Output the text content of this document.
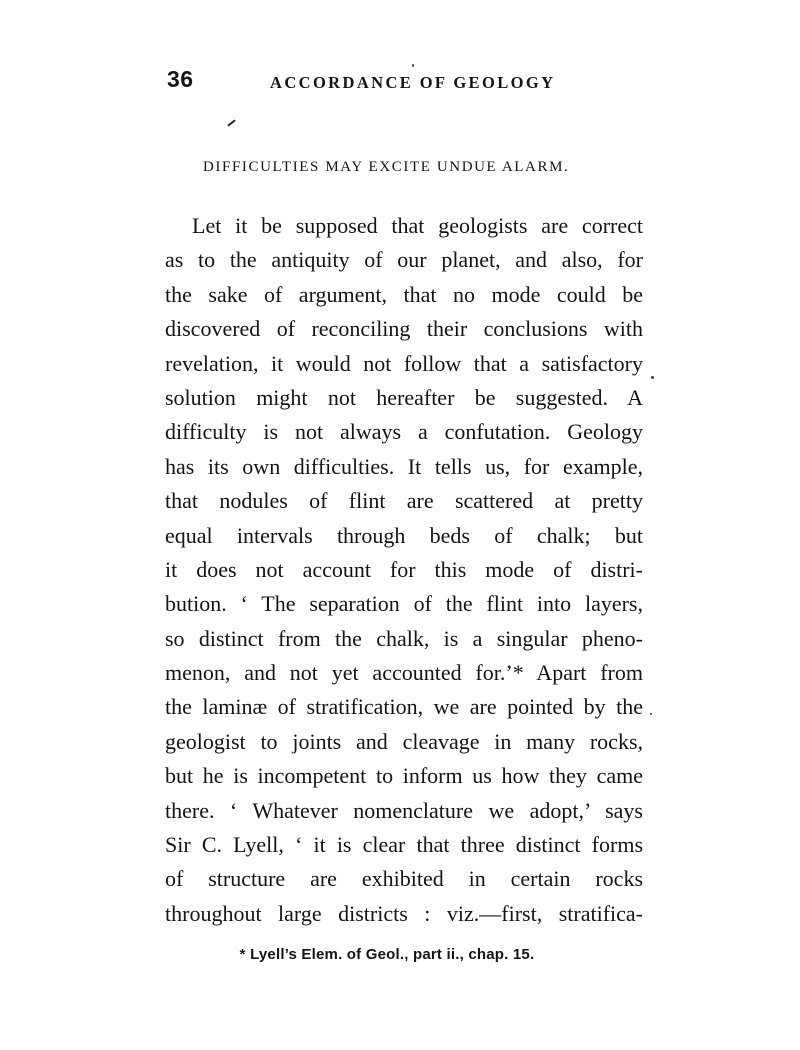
36	ACCORDANCE OF GEOLOGY
DIFFICULTIES MAY EXCITE UNDUE ALARM.
Let it be supposed that geologists are correct
as to the antiquity of our planet, and also, for
the sake of argument, that no mode could be
discovered of reconciling their conclusions with
revelation, it would not follow that a satisfactory
solution might not hereafter be suggested. A
difficulty is not always a confutation. Geology
has its own difficulties. It tells us, for example,
that nodules of flint are scattered at pretty
equal intervals through beds of chalk; but
it does not account for this mode of distri-
bution. ‘ The separation of the flint into layers,
so distinct from the chalk, is a singular pheno-
menon, and not yet accounted for.’* Apart from
the laminæ of stratification, we are pointed by the
geologist to joints and cleavage in many rocks,
but he is incompetent to inform us how they came
there. ‘ Whatever nomenclature we adopt,’ says
Sir C. Lyell, ‘ it is clear that three distinct forms
of structure are exhibited in certain rocks
throughout large districts : viz.—first, stratifica-
* Lyell’s Elem. of Geol., part ii., chap. 15.
